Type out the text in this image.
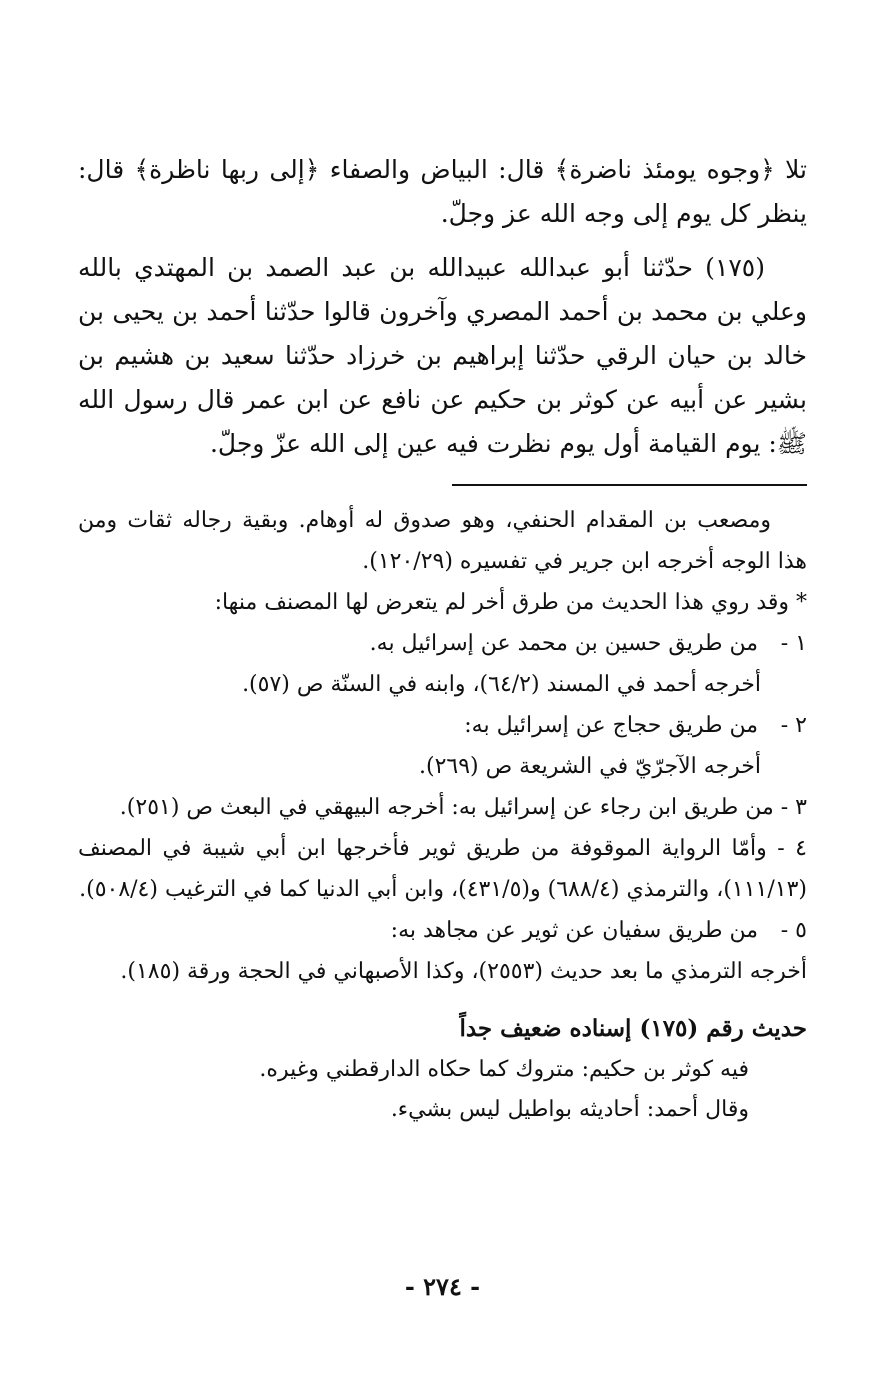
تلا ﴿وجوه يومئذ ناضرة﴾ قال: البياض والصفاء ﴿إلى ربها ناظرة﴾ قال: ينظر كل يوم إلى وجه الله عز وجلّ.

(١٧٥) حدّثنا أبو عبدالله عبيدالله بن عبد الصمد بن المهتدي بالله وعلي بن محمد بن أحمد المصري وآخرون قالوا حدّثنا أحمد بن يحيى بن خالد بن حيان الرقي حدّثنا إبراهيم بن خرزاد حدّثنا سعيد بن هشيم بن بشير عن أبيه عن كوثر بن حكيم عن نافع عن ابن عمر قال رسول الله ﷺ: يوم القيامة أول يوم نظرت فيه عين إلى الله عزّ وجلّ.

ومصعب بن المقدام الحنفي، وهو صدوق له أوهام. وبقية رجاله ثقات ومن هذا الوجه أخرجه ابن جرير في تفسيره (١٢٠/٢٩).

* وقد روي هذا الحديث من طرق أخر لم يتعرض لها المصنف منها:

١ - من طريق حسين بن محمد عن إسرائيل به.

أخرجه أحمد في المسند (٦٤/٢)، وابنه في السنّة ص (٥٧).

٢ - من طريق حجاج عن إسرائيل به:

أخرجه الآجرّيّ في الشريعة ص (٢٦٩).

٣ - من طريق ابن رجاء عن إسرائيل به: أخرجه البيهقي في البعث ص (٢٥١).

٤ - وأمّا الرواية الموقوفة من طريق ثوير فأخرجها ابن أبي شيبة في المصنف (١١١/١٣)، والترمذي (٦٨٨/٤) و(٤٣١/٥)، وابن أبي الدنيا كما في الترغيب (٥٠٨/٤).

٥ - من طريق سفيان عن ثوير عن مجاهد به:

أخرجه الترمذي ما بعد حديث (٢٥٥٣)، وكذا الأصبهاني في الحجة ورقة (١٨٥).

حديث رقم (١٧٥) إسناده ضعيف جداً

فيه كوثر بن حكيم: متروك كما حكاه الدارقطني وغيره.

وقال أحمد: أحاديثه بواطيل ليس بشيء.

- ٢٧٤ -
